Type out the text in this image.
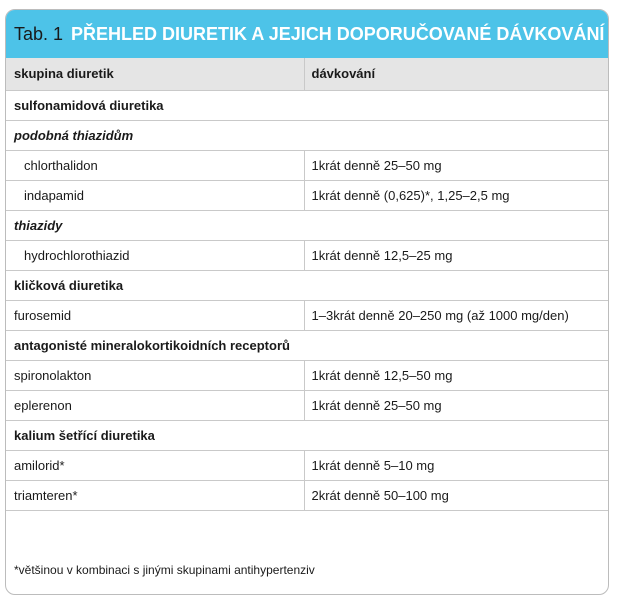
Tab. 1 PŘEHLED DIURETIK A JEJICH DOPORUČOVANÉ DÁVKOVÁNÍ
skupina diuretik	dávkování
sulfonamidová diuretika	
podobná thiazidům	
chlorthalidon	1krát denně 25–50 mg
indapamid	1krát denně (0,625)*, 1,25–2,5 mg
thiazidy	
hydrochlorothiazid	1krát denně 12,5–25 mg
kličková diuretika	
furosemid	1–3krát denně 20–250 mg (až 1000 mg/den)
antagonisté mineralokortikoidních receptorů	
spironolakton	1krát denně 12,5–50 mg
eplerenon	1krát denně 25–50 mg
kalium šetřící diuretika	
amilorid*	1krát denně 5–10 mg
triamteren*	2krát denně 50–100 mg
*většinou v kombinaci s jinými skupinami antihypertenziv
